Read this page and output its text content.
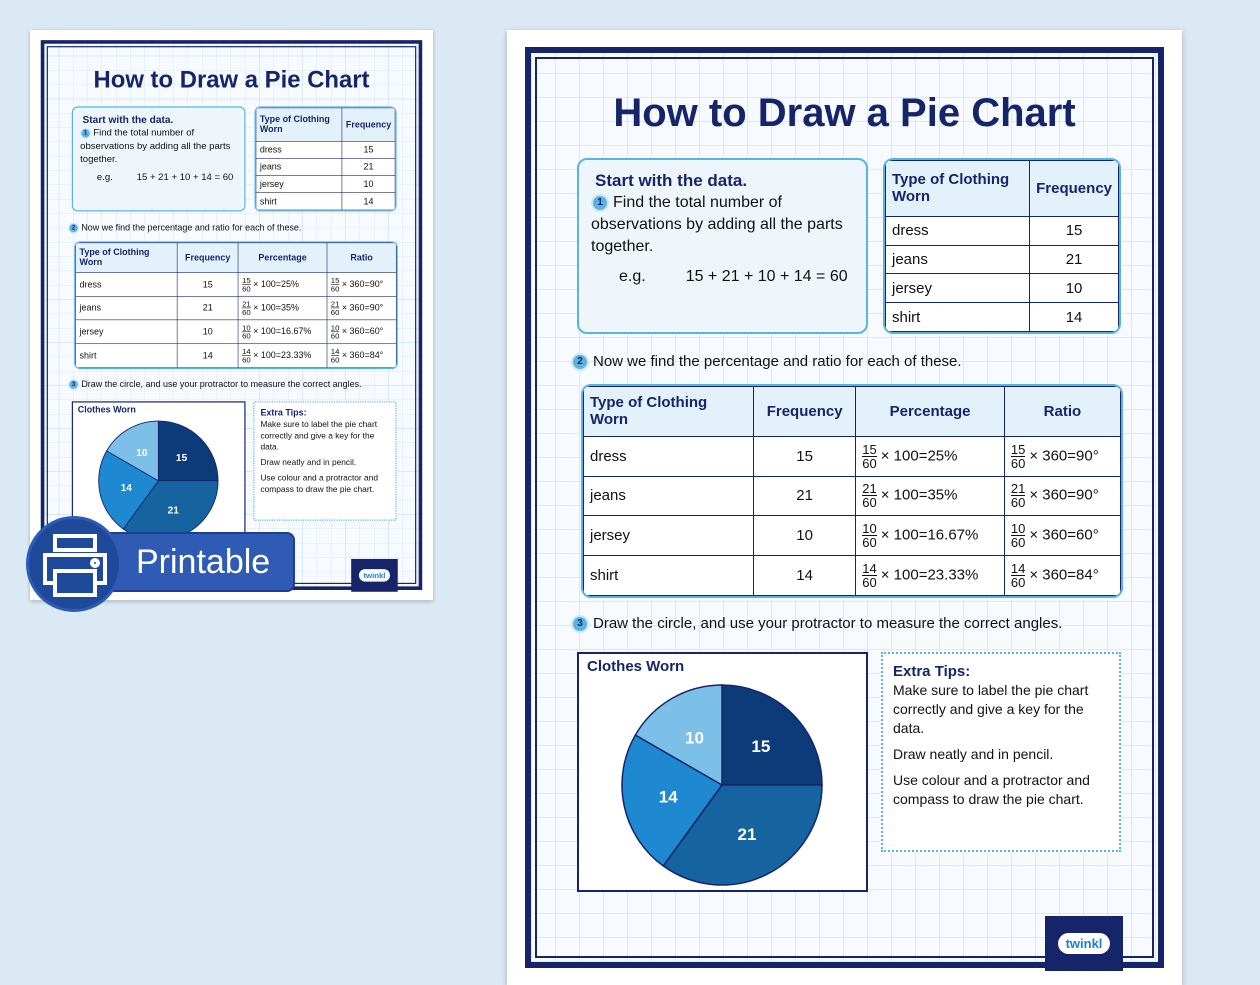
How to Draw a Pie Chart
Start with the data.
1 Find the total number of observations by adding all the parts together.
e.g. 15 + 21 + 10 + 14 = 60
Type of Clothing Worn	Frequency
dress	15
jeans	21
jersey	10
shirt	14
2 Now we find the percentage and ratio for each of these.
Type of Clothing Worn	Frequency	Percentage	Ratio
dress	15	$\frac{15}{60} \times 100=25\%$	$\frac{15}{60} \times 360=90^\circ$
jeans	21	$\frac{21}{60} \times 100=35\%$	$\frac{21}{60} \times 360=90^\circ$
jersey	10	$\frac{10}{60} \times 100=16.67\%$	$\frac{10}{60} \times 360=60^\circ$
shirt	14	$\frac{14}{60} \times 100=23.33\%$	$\frac{14}{60} \times 360=84^\circ$
3 Draw the circle, and use your protractor to measure the correct angles.
Clothes Worn
15
21
14
10
Extra Tips:

Make sure to label the pie chart correctly and give a key for the data.

Draw neatly and in pencil.

Use colour and a protractor and compass to draw the pie chart.

twinkl
How to Draw a Pie Chart
Start with the data.
1 Find the total number of observations by adding all the parts together.
e.g.	15 + 21 + 10 + 14 = 60
Type of Clothing Worn	Frequency
dress	15
jeans	21
jersey	10
shirt	14
2 Now we find the percentage and ratio for each of these.
Type of Clothing Worn	Frequency	Percentage	Ratio
dress	15	$\frac{15}{60} \times 100=25\%$	$\frac{15}{60} \times 360=90^\circ$
jeans	21	$\frac{21}{60} \times 100=35\%$	$\frac{21}{60} \times 360=90^\circ$
jersey	10	$\frac{10}{60} \times 100=16.67\%$	$\frac{10}{60} \times 360=60^\circ$
shirt	14	$\frac{14}{60} \times 100=23.33\%$	$\frac{14}{60} \times 360=84^\circ$
3 Draw the circle, and use your protractor to measure the correct angles.
Clothes Worn
15
21
14
10
Extra Tips:

Make sure to label the pie chart correctly and give a key for the data.

Draw neatly and in pencil.

Use colour and a protractor and compass to draw the pie chart.

twinkl
Printable
